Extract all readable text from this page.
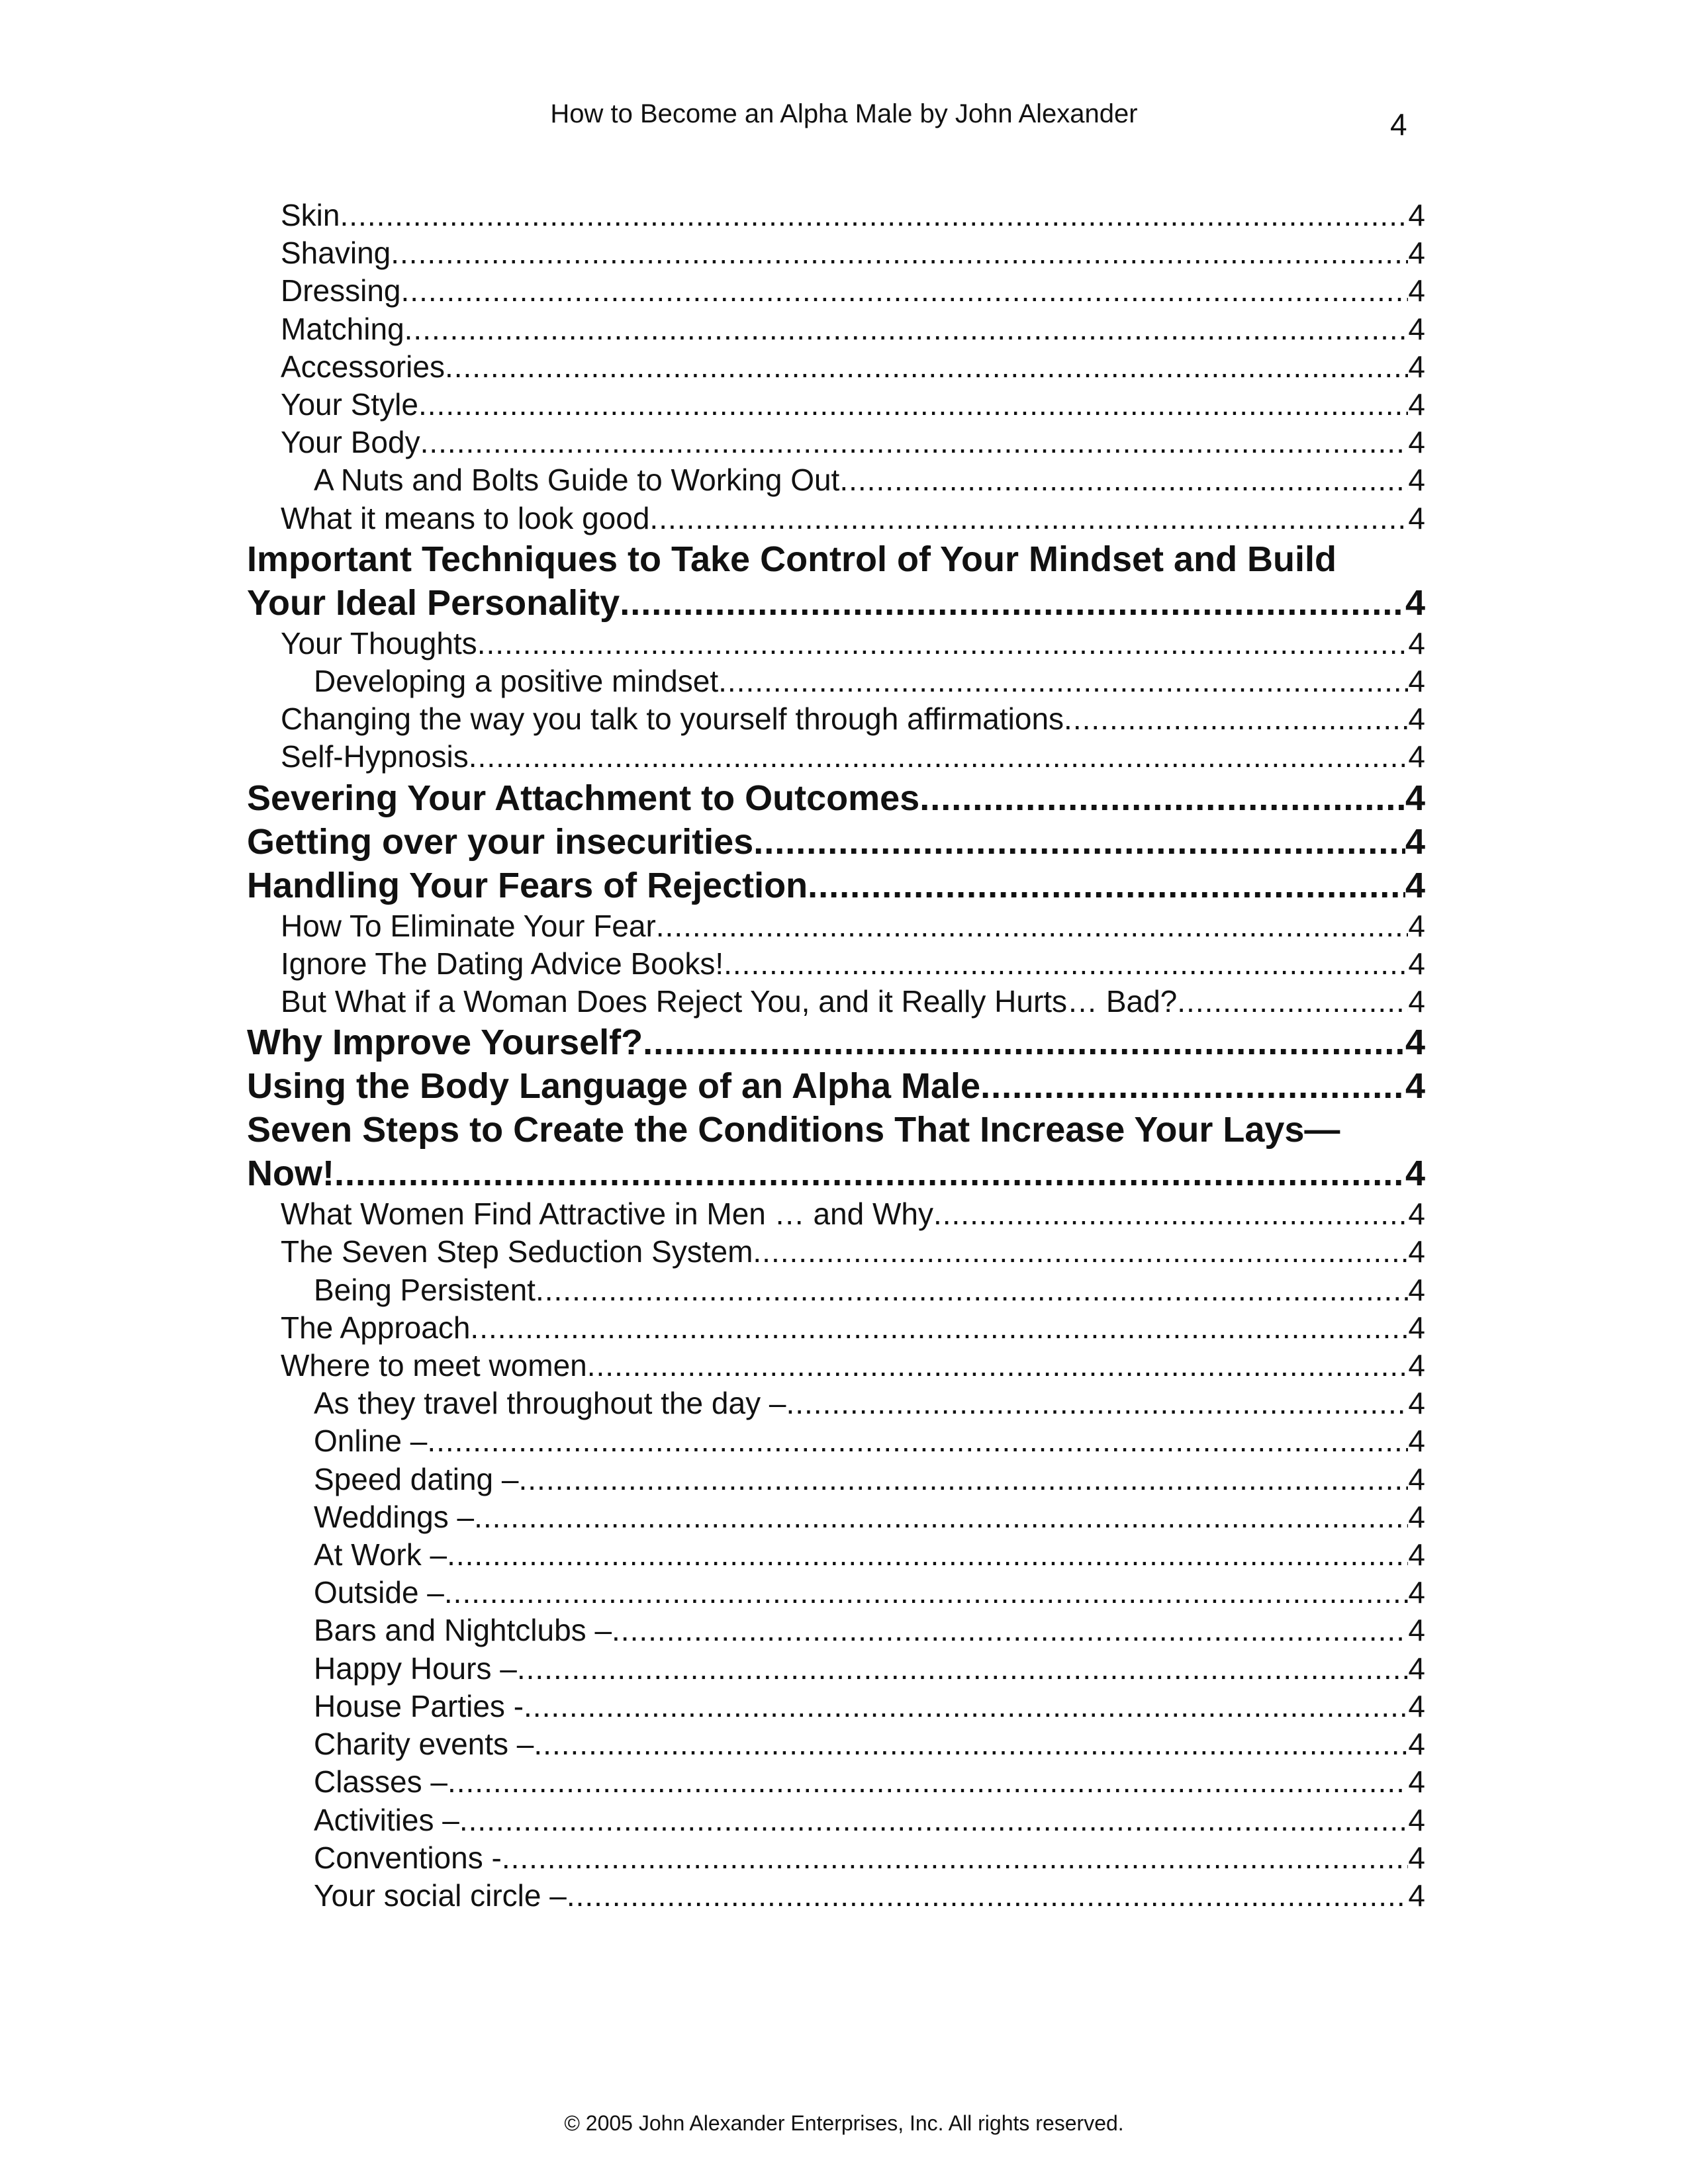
How to Become an Alpha Male by John Alexander	4
Skin .....	4
Shaving .....	4
Dressing .....	4
Matching .....	4
Accessories .....	4
Your Style .....	4
Your Body .....	4
A Nuts and Bolts Guide to Working Out .....	4
What it means to look good .....	4
Important Techniques to Take Control of Your Mindset and Build
Your Ideal Personality .....	4
Your Thoughts .....	4
Developing a positive mindset .....	4
Changing the way you talk to yourself through affirmations .....	4
Self-Hypnosis .....	4
Severing Your Attachment to Outcomes .....	4
Getting over your insecurities .....	4
Handling Your Fears of Rejection .....	4
How To Eliminate Your Fear .....	4
Ignore The Dating Advice Books! .....	4
But What if a Woman Does Reject You, and it Really Hurts… Bad? .....	4
Why Improve Yourself? .....	4
Using the Body Language of an Alpha Male .....	4
Seven Steps to Create the Conditions That Increase Your Lays—
Now! .....	4
What Women Find Attractive in Men … and Why .....	4
The Seven Step Seduction System .....	4
Being Persistent .....	4
The Approach .....	4
Where to meet women .....	4
As they travel throughout the day – .....	4
Online – .....	4
Speed dating – .....	4
Weddings – .....	4
At Work – .....	4
Outside – .....	4
Bars and Nightclubs – .....	4
Happy Hours – .....	4
House Parties - .....	4
Charity events – .....	4
Classes – .....	4
Activities – .....	4
Conventions - .....	4
Your social circle – .....	4
© 2005 John Alexander Enterprises, Inc. All rights reserved.
